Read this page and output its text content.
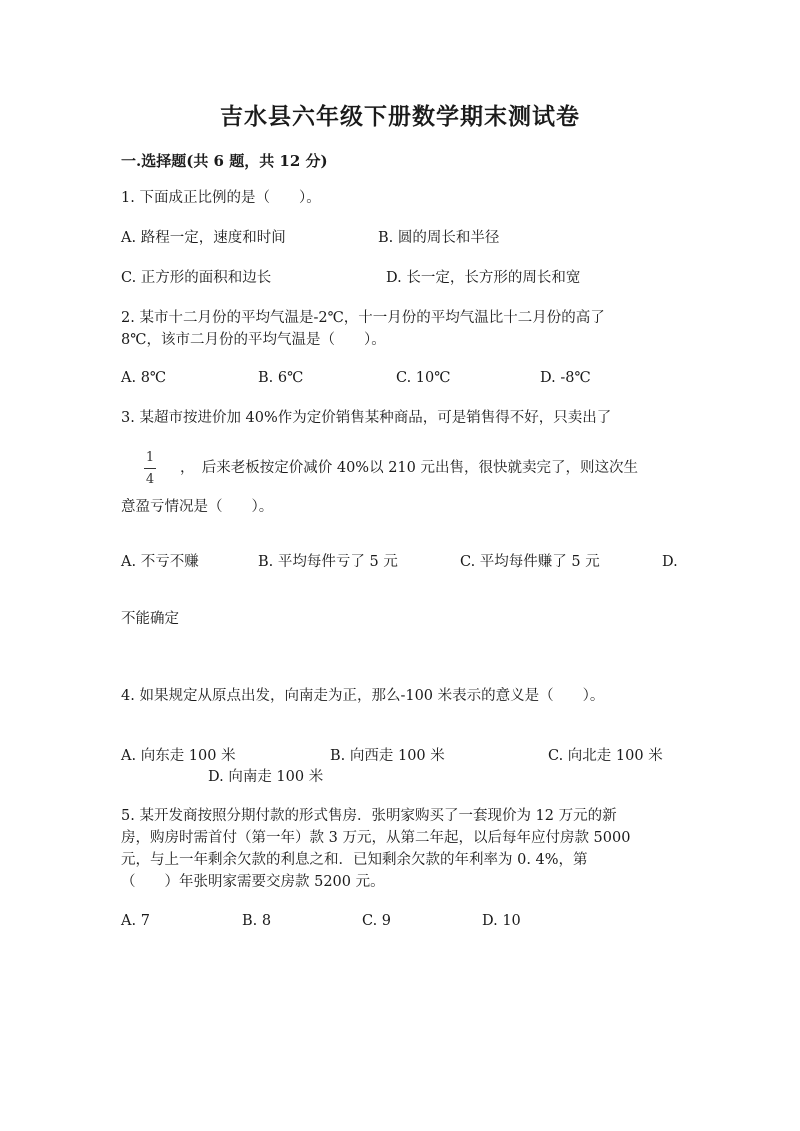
吉水县六年级下册数学期末测试卷
一.选择题(共 6 题，共 12 分)
1. 下面成正比例的是（　　）。
A. 路程一定，速度和时间	B. 圆的周长和半径
C. 正方形的面积和边长	D. 长一定，长方形的周长和宽
2. 某市十二月份的平均气温是-2℃，十一月份的平均气温比十二月份的高了
8℃，该市二月份的平均气温是（　　）。
A. 8℃	B. 6℃	C. 10℃	D. -8℃
3. 某超市按进价加 40%作为定价销售某种商品，可是销售得不好，只卖出了
1
4
，　后来老板按定价减价 40%以 210 元出售，很快就卖完了，则这次生
意盈亏情况是（　　）。
A. 不亏不赚	B. 平均每件亏了 5 元	C. 平均每件赚了 5 元	D.
不能确定
4. 如果规定从原点出发，向南走为正，那么-100 米表示的意义是（　　）。
A. 向东走 100 米	B. 向西走 100 米	C. 向北走 100 米
D. 向南走 100 米
5. 某开发商按照分期付款的形式售房．张明家购买了一套现价为 12 万元的新
房，购房时需首付（第一年）款 3 万元，从第二年起，以后每年应付房款 5000
元，与上一年剩余欠款的利息之和．已知剩余欠款的年利率为 0. 4%，第
（　　）年张明家需要交房款 5200 元。
A. 7	B. 8	C. 9	D. 10
